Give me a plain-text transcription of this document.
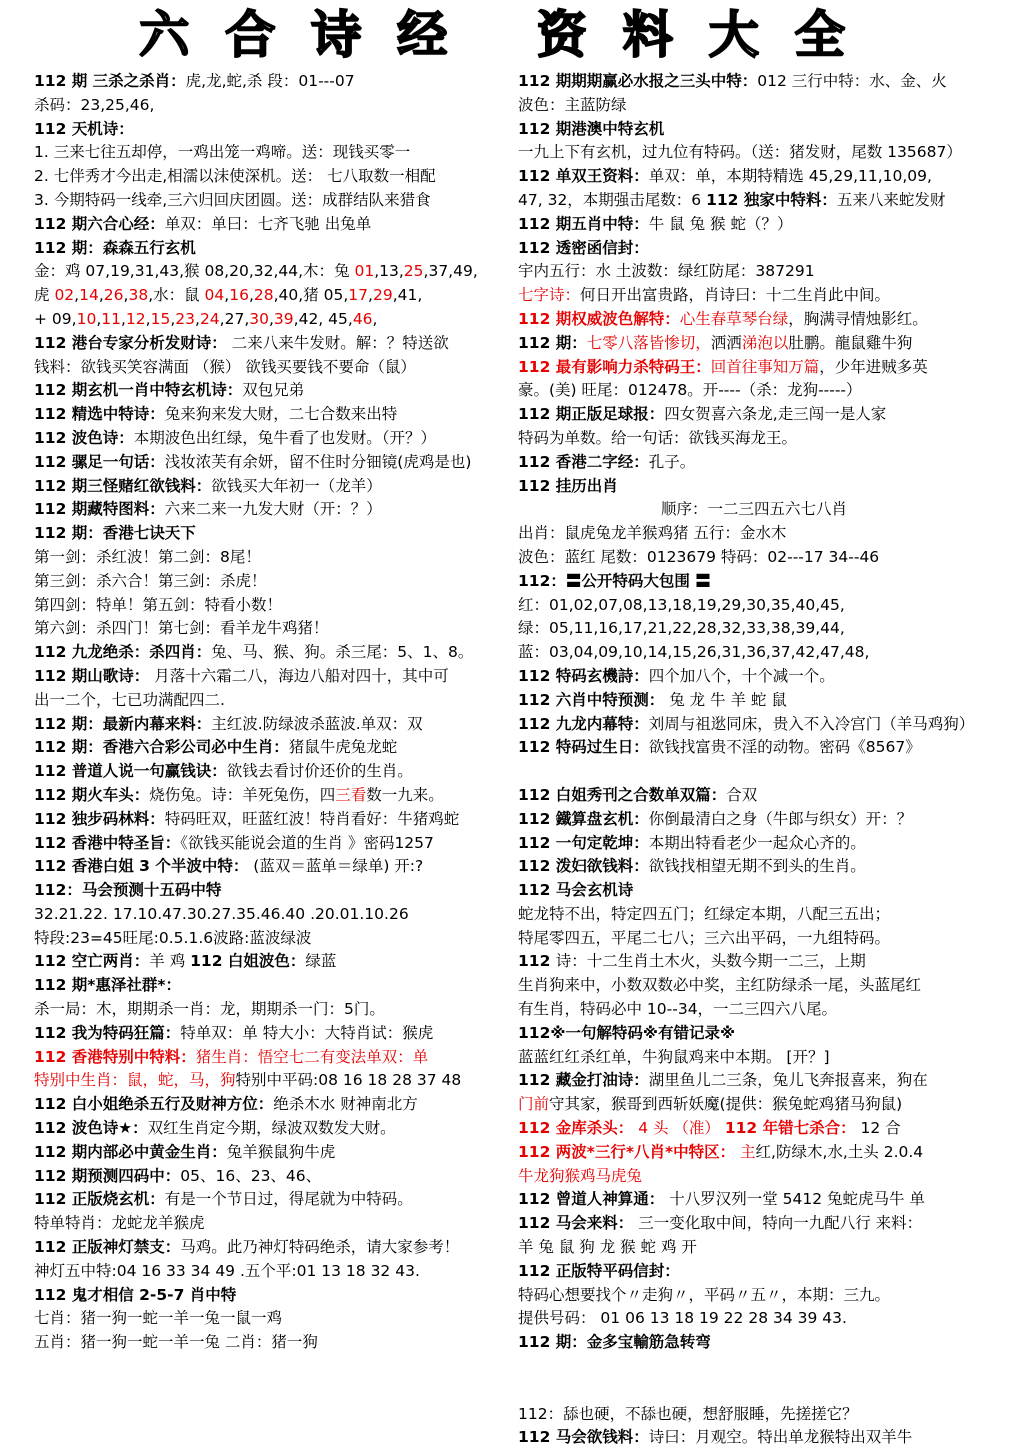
六合诗经 资料大全
112 期 三杀之杀肖：虎,龙,蛇,杀 段：01---07
杀码：23,25,46,
112 天机诗：
1. 三来七往五却停，一鸡出笼一鸡啼。送：现钱买零一
2. 七伴秀才今出走,相濡以沫使深机。送： 七八取数一相配
3. 今期特码一线牵,三六归回庆团圆。送：成群结队来猎食
112 期六合心经：单双：单曰：七齐飞驰 出兔单
112 期：森森五行玄机
金：鸡 07,19,31,43,猴 08,20,32,44,木：兔 01,13,25,37,49,
虎 02,14,26,38,水：鼠 04,16,28,40,猪 05,17,29,41,
+ 09,10,11,12,15,23,24,27,30,39,42, 45,46,
112 港台专家分析发财诗： 二来八来牛发财。解：？特送欲
钱料：欲钱买笑容满面 （猴） 欲钱买要钱不要命（鼠）
112 期玄机一肖中特玄机诗：双包兄弟
112 精选中特诗：兔来狗来发大财，二七合数来出特
112 波色诗：本期波色出红绿，兔牛看了也发财。（开？）
112 骡足一句话：浅妆浓芙有余妍，留不住时分钿镜(虎鸡是也)
112 期三怪赌红欲钱料：欲钱买大年初一（龙羊）
112 期藏特图料：六来二来一九发大财（开：？）
112 期：香港七诀天下
第一剑：杀红波！第二剑：8尾！
第三剑：杀六合！第三剑：杀虎！
第四剑：特单！第五剑：特看小数！
第六剑：杀四门！第七剑：看羊龙牛鸡猪！
112 九龙绝杀：杀四肖：兔、马、猴、狗。杀三尾：5、1、8。
112 期山歌诗： 月落十六霜二八，海边八船对四十，其中可
出一二个，七已功满配四二.
112 期：最新内幕来料：主红波.防绿波杀蓝波.单双：双
112 期：香港六合彩公司必中生肖：猪鼠牛虎兔龙蛇
112 普道人说一句赢钱诀：欲钱去看讨价还价的生肖。
112 期火车头：烧伤兔。诗：羊死兔伤，四三看数一九来。
112 独步码林料：特码旺双，旺蓝红波！特肖看好：牛猪鸡蛇
112 香港中特圣旨：《欲钱买能说会道的生肖 》密码1257
112 香港白姐 3 个半波中特： (蓝双＝蓝单＝绿单) 开:?
112：马会预测十五码中特
32.21.22. 17.10.47.30.27.35.46.40 .20.01.10.26
特段:23=45旺尾:0.5.1.6波路:蓝波绿波
112 空亡两肖：羊 鸡 112 白姐波色：绿蓝
112 期*惠泽社群*：
杀一局：木，期期杀一肖：龙，期期杀一门：5门。
112 我为特码狂篇：特单双：单 特大小：大特肖试：猴虎
112 香港特别中特料：猪生肖：悟空七二有变法单双：单
特别中生肖：鼠，蛇，马，狗特别中平码:08 16 18 28 37 48
112 白小姐绝杀五行及财神方位：绝杀木水 财神南北方
112 波色诗★：双红生肖定今期，绿波双数发大财。
112 期内部必中黄金生肖：兔羊猴鼠狗牛虎
112 期预测四码中：05、16、23、46、
112 正版烧玄机：有是一个节日过，得尾就为中特码。
特单特肖：龙蛇龙羊猴虎
112 正版神灯禁支：马鸡。此乃神灯特码绝杀，请大家参考！
神灯五中特:04 16 33 34 49 .五个平:01 13 18 32 43.
112 鬼才相信 2-5-7 肖中特
七肖：猪一狗一蛇一羊一兔一鼠一鸡
五肖：猪一狗一蛇一羊一兔 二肖：猪一狗
112 期期期赢必水报之三头中特：012 三行中特：水、金、火
波色：主蓝防绿
112 期港澳中特玄机
一九上下有玄机，过九位有特码。（送：猪发财，尾数 135687）
112 单双王资料：单双：单，本期特精选 45,29,11,10,09,
47, 32，本期强击尾数：6 112 独家中特料：五来八来蛇发财
112 期五肖中特：牛 鼠 兔 猴 蛇（？）
112 透密函信封：
宇内五行：水 土波数：绿红防尾：387291
七字诗：何日开出富贵路，肖诗曰：十二生肖此中间。
112 期权威波色解特：心生春草琴台绿，胸满寻情烛影红。
112 期：七零八落皆惨切，洒洒涕泡以肚鹏。龍鼠雞牛狗
112 最有影响力杀特码王：回首往事知万篇，少年进贼多英
豪。(美) 旺尾：012478。开----（杀：龙狗-----）
112 期正版足球报：四女贺喜六条龙,走三闯一是人家
特码为单数。给一句话：欲钱买海龙王。
112 香港二字经：孔子。
112 挂历出肖
顺序：一二三四五六七八肖
出肖：鼠虎兔龙羊猴鸡猪 五行：金水木
波色：蓝红 尾数：0123679 特码：02---17 34--46
112：〓公开特码大包围 〓
红：01,02,07,08,13,18,19,29,30,35,40,45,
绿：05,11,16,17,21,22,28,32,33,38,39,44,
蓝：03,04,09,10,14,15,26,31,36,37,42,47,48,
112 特码玄機詩：四个加八个，十个减一个。
112 六肖中特预测： 兔 龙 牛 羊 蛇 鼠
112 九龙内幕特：刘周与祖逖同床，贵入不入冷宫门（羊马鸡狗）
112 特码过生日：欲钱找富贵不淫的动物。密码《8567》
112 白姐秀刊之合数单双篇：合双
112 鐵算盘玄机：你倒最清白之身（牛郎与织女）开：？
112 一句定乾坤：本期出特看老少一起众心齐的。
112 泼妇欲钱料：欲钱找相望无期不到头的生肖。
112 马会玄机诗
蛇龙特不出，特定四五门；红绿定本期，八配三五出；
特尾零四五，平尾二七八；三六出平码，一九组特码。
112 诗：十二生肖土木火，头数今期一二三，上期
生肖狗来中，小数双数必中奖，主红防绿杀一尾，头蓝尾红
有生肖，特码必中 10--34，一二三四六八尾。
112※一句解特码※有错记录※
蓝蓝红红杀红单，牛狗鼠鸡来中本期。 [开？]
112 藏金打油诗：湖里鱼儿二三条，兔儿飞奔报喜来，狗在
门前守其家，猴哥到西斩妖魔(提供：猴兔蛇鸡猪马狗鼠)
112 金库杀头： 4 头 （准） 112 年错七杀合： 12 合
112 两波*三行*八肖*中特区： 主红,防绿木,水,土头 2.0.4
牛龙狗猴鸡马虎兔
112 曾道人神算通： 十八罗汉列一堂 5412 兔蛇虎马牛 单
112 马会来料： 三一变化取中间，特向一九配八行 来料：
羊 兔 鼠 狗 龙 猴 蛇 鸡 开
112 正版特平码信封：
特码心想要找个〃走狗〃，平码〃五〃，本期：三九。
提供号码： 01 06 13 18 19 22 28 34 39 43.
112 期：金多宝輸筋急转弯
112：舔也硬，不舔也硬，想舒服睡，先搓搓它？
112 马会欲钱料：诗曰：月观空。特出单龙猴特出双羊牛
